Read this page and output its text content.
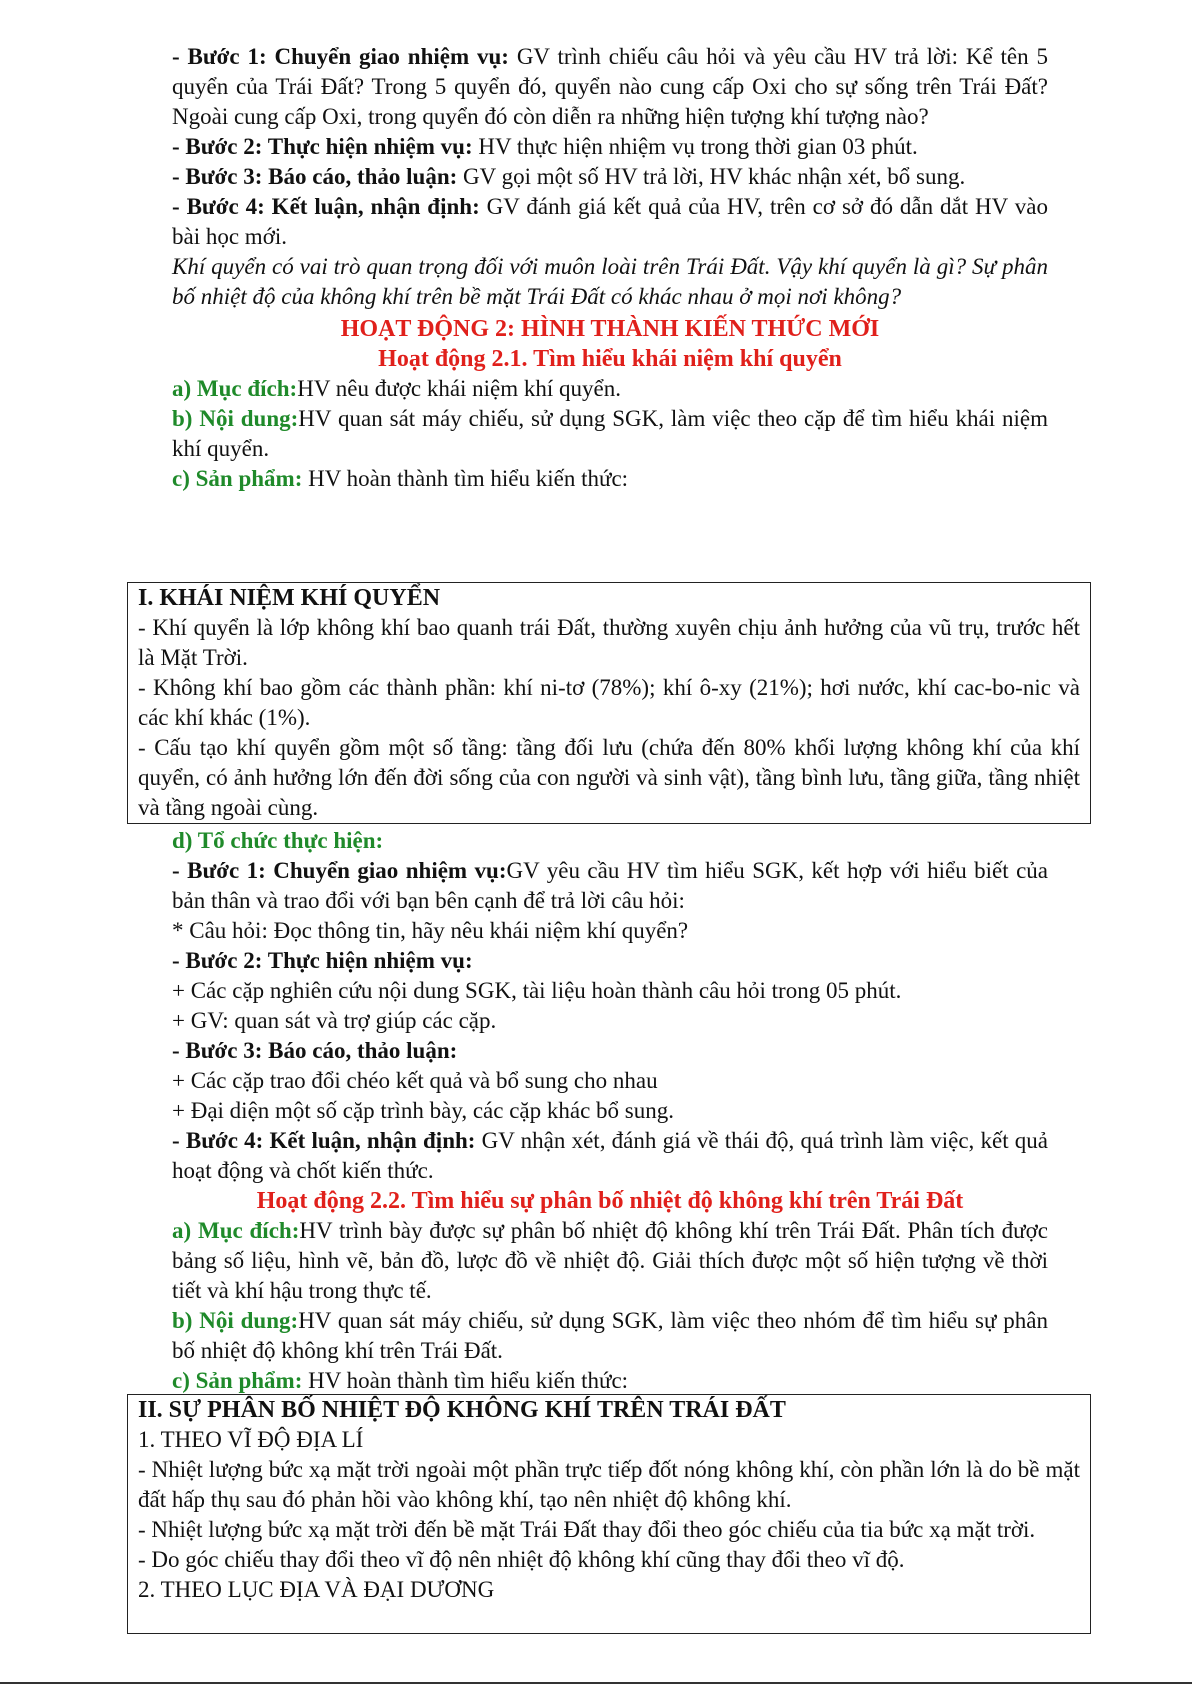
- Bước 1: Chuyển giao nhiệm vụ: GV trình chiếu câu hỏi và yêu cầu HV trả lời: Kể tên 5 quyển của Trái Đất? Trong 5 quyển đó, quyển nào cung cấp Oxi cho sự sống trên Trái Đất? Ngoài cung cấp Oxi, trong quyển đó còn diễn ra những hiện tượng khí tượng nào?

- Bước 2: Thực hiện nhiệm vụ: HV thực hiện nhiệm vụ trong thời gian 03 phút.

- Bước 3: Báo cáo, thảo luận: GV gọi một số HV trả lời, HV khác nhận xét, bổ sung.

- Bước 4: Kết luận, nhận định: GV đánh giá kết quả của HV, trên cơ sở đó dẫn dắt HV vào bài học mới.

Khí quyển có vai trò quan trọng đối với muôn loài trên Trái Đất. Vậy khí quyển là gì? Sự phân bố nhiệt độ của không khí trên bề mặt Trái Đất có khác nhau ở mọi nơi không?

HOẠT ĐỘNG 2: HÌNH THÀNH KIẾN THỨC MỚI

Hoạt động 2.1. Tìm hiểu khái niệm khí quyển

a) Mục đích:HV nêu được khái niệm khí quyển.

b) Nội dung:HV quan sát máy chiếu, sử dụng SGK, làm việc theo cặp để tìm hiểu khái niệm khí quyển.

c) Sản phẩm: HV hoàn thành tìm hiểu kiến thức:

I. KHÁI NIỆM KHÍ QUYỂN

- Khí quyển là lớp không khí bao quanh trái Đất, thường xuyên chịu ảnh hưởng của vũ trụ, trước hết là Mặt Trời.

- Không khí bao gồm các thành phần: khí ni-tơ (78%); khí ô-xy (21%); hơi nước, khí cac-bo-nic và các khí khác (1%).

- Cấu tạo khí quyển gồm một số tầng: tầng đối lưu (chứa đến 80% khối lượng không khí của khí quyển, có ảnh hưởng lớn đến đời sống của con người và sinh vật), tầng bình lưu, tầng giữa, tầng nhiệt và tầng ngoài cùng.

d) Tổ chức thực hiện:

- Bước 1: Chuyển giao nhiệm vụ:GV yêu cầu HV tìm hiểu SGK, kết hợp với hiểu biết của bản thân và trao đổi với bạn bên cạnh để trả lời câu hỏi:

* Câu hỏi: Đọc thông tin, hãy nêu khái niệm khí quyển?

- Bước 2: Thực hiện nhiệm vụ:

+ Các cặp nghiên cứu nội dung SGK, tài liệu hoàn thành câu hỏi trong 05 phút.

+ GV: quan sát và trợ giúp các cặp.

- Bước 3: Báo cáo, thảo luận:

+ Các cặp trao đổi chéo kết quả và bổ sung cho nhau

+ Đại diện một số cặp trình bày, các cặp khác bổ sung.

- Bước 4: Kết luận, nhận định: GV nhận xét, đánh giá về thái độ, quá trình làm việc, kết quả hoạt động và chốt kiến thức.

Hoạt động 2.2. Tìm hiểu sự phân bố nhiệt độ không khí trên Trái Đất

a) Mục đích:HV trình bày được sự phân bố nhiệt độ không khí trên Trái Đất. Phân tích được bảng số liệu, hình vẽ, bản đồ, lược đồ về nhiệt độ. Giải thích được một số hiện tượng về thời tiết và khí hậu trong thực tế.

b) Nội dung:HV quan sát máy chiếu, sử dụng SGK, làm việc theo nhóm để tìm hiểu sự phân bố nhiệt độ không khí trên Trái Đất.

c) Sản phẩm: HV hoàn thành tìm hiểu kiến thức:

II. SỰ PHÂN BỐ NHIỆT ĐỘ KHÔNG KHÍ TRÊN TRÁI ĐẤT

1. THEO VĨ ĐỘ ĐỊA LÍ

- Nhiệt lượng bức xạ mặt trời ngoài một phần trực tiếp đốt nóng không khí, còn phần lớn là do bề mặt đất hấp thụ sau đó phản hồi vào không khí, tạo nên nhiệt độ không khí.

- Nhiệt lượng bức xạ mặt trời đến bề mặt Trái Đất thay đổi theo góc chiếu của tia bức xạ mặt trời.

- Do góc chiếu thay đổi theo vĩ độ nên nhiệt độ không khí cũng thay đổi theo vĩ độ.

2. THEO LỤC ĐỊA VÀ ĐẠI DƯƠNG
